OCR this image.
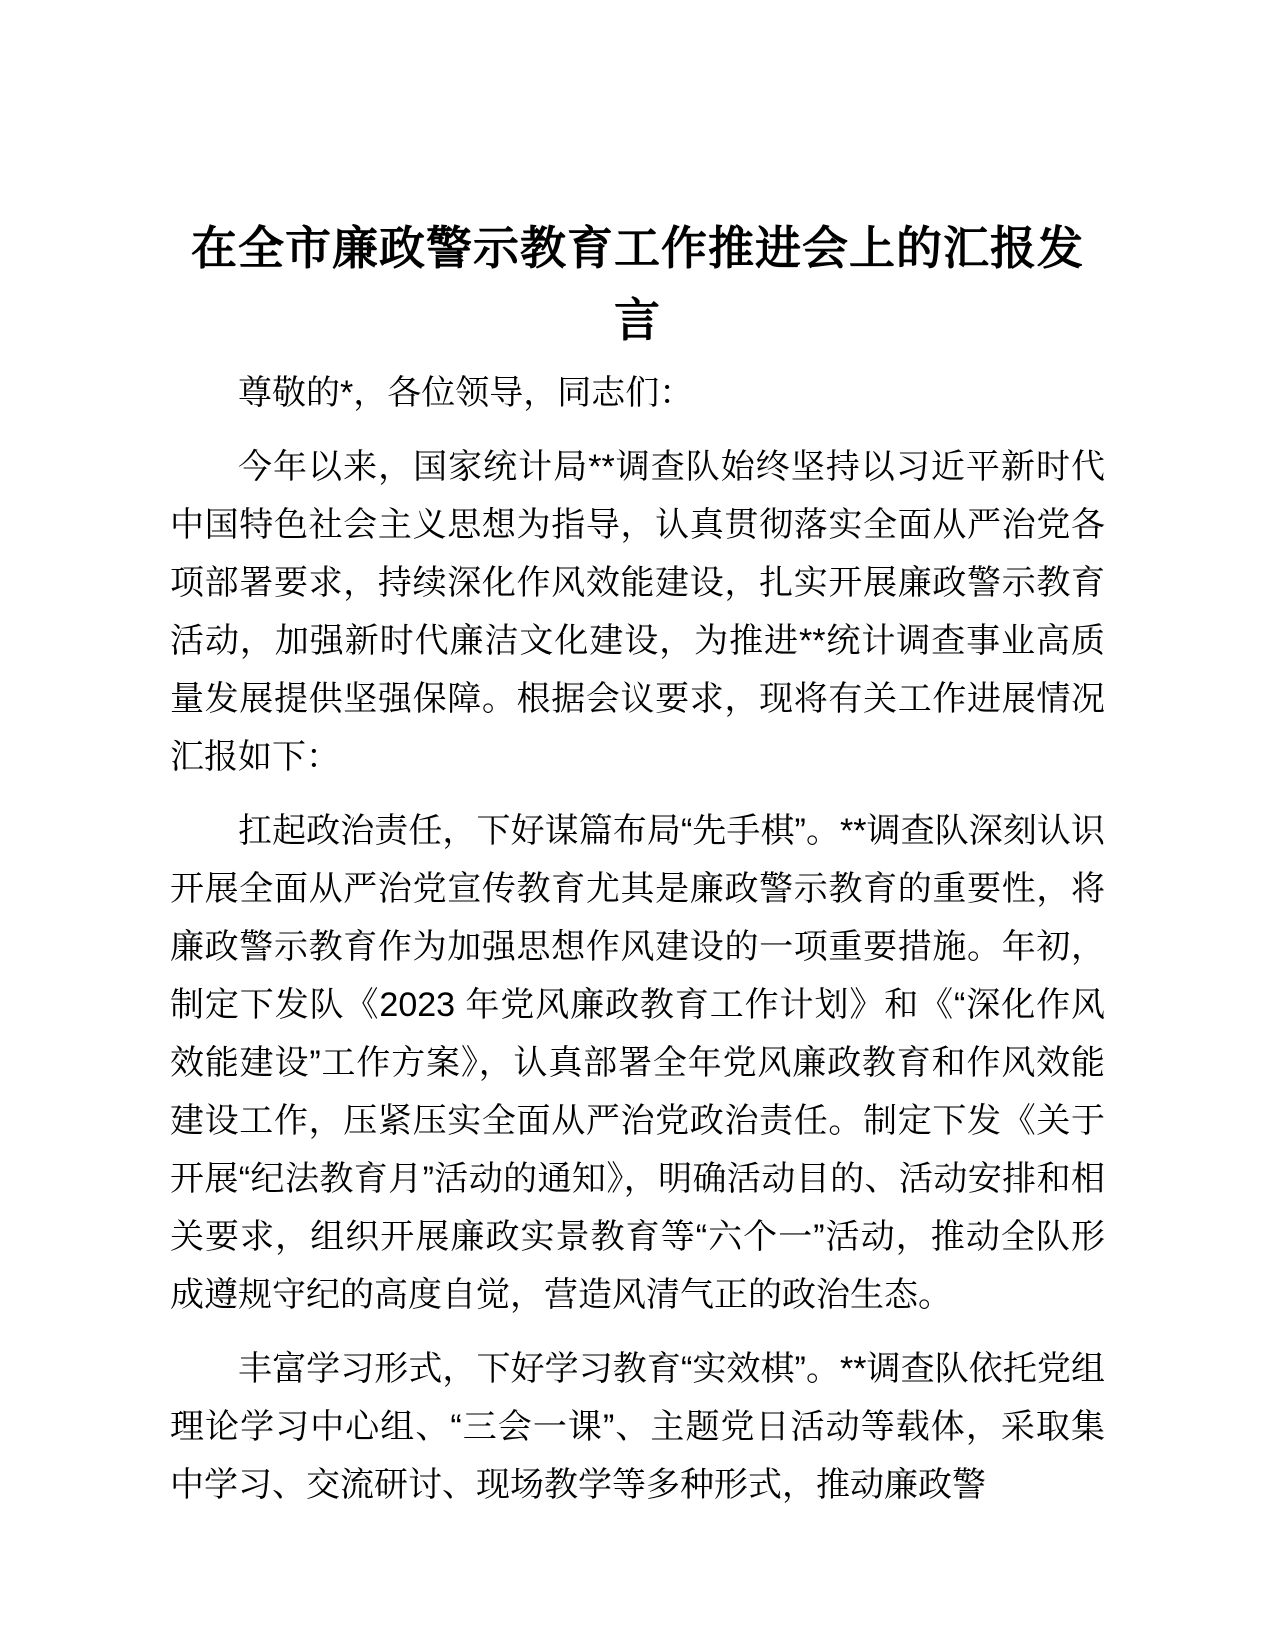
在全市廉政警示教育工作推进会上的汇报发言

尊敬的*，各位领导，同志们：

今年以来，国家统计局**调查队始终坚持以习近平新时代中国特色社会主义思想为指导，认真贯彻落实全面从严治党各项部署要求，持续深化作风效能建设，扎实开展廉政警示教育活动，加强新时代廉洁文化建设，为推进**统计调查事业高质量发展提供坚强保障。根据会议要求，现将有关工作进展情况汇报如下：

扛起政治责任，下好谋篇布局“先手棋”。**调查队深刻认识开展全面从严治党宣传教育尤其是廉政警示教育的重要性，将廉政警示教育作为加强思想作风建设的一项重要措施。年初，制定下发队《2023 年党风廉政教育工作计划》和《“深化作风效能建设”工作方案》，认真部署全年党风廉政教育和作风效能建设工作，压紧压实全面从严治党政治责任。制定下发《关于开展“纪法教育月”活动的通知》，明确活动目的、活动安排和相关要求，组织开展廉政实景教育等“六个一”活动，推动全队形成遵规守纪的高度自觉，营造风清气正的政治生态。

丰富学习形式，下好学习教育“实效棋”。**调查队依托党组理论学习中心组、“三会一课”、主题党日活动等载体，采取集中学习、交流研讨、现场教学等多种形式，推动廉政警
